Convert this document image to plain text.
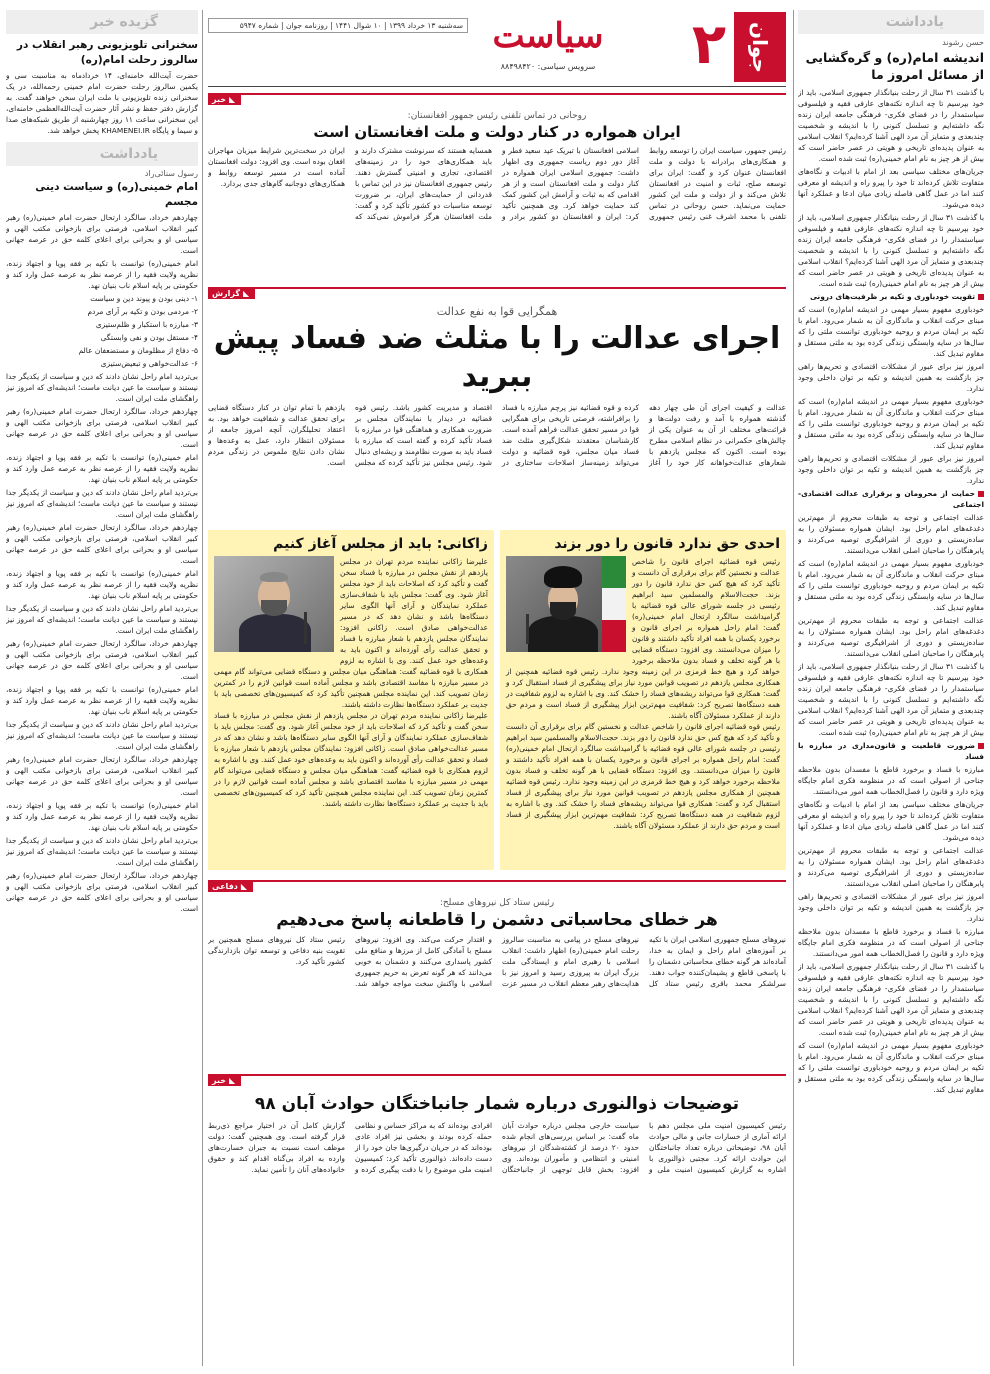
یادداشت
حسن رشوند
اندیشه امام(ره) و گره‌گشایی از مسائل امروز ما

با گذشت ۳۱ سال از رحلت بنیانگذار جمهوری اسلامی، باید از خود بپرسیم تا چه اندازه نکته‌های عارفی فقیه و فیلسوفی سیاستمدار را در فضای فکری- فرهنگی جامعه ایران زنده نگه داشته‌ایم و تسلسل کنونی را با اندیشه و شخصیت چندبعدی و متمایز آن مرد الهی آشنا کرده‌ایم؟ انقلاب اسلامی به عنوان پدیده‌ای تاریخی و هویتی در عصر حاضر است که بیش از هر چیز به نام امام خمینی(ره) ثبت شده است.

جریان‌های مختلف سیاسی بعد از امام با ادبیات و نگاه‌های متفاوت تلاش کرده‌اند تا خود را پیرو راه و اندیشه او معرفی کنند اما در عمل گاهی فاصله زیادی میان ادعا و عملکرد آنها دیده می‌شود.

با گذشت ۳۱ سال از رحلت بنیانگذار جمهوری اسلامی، باید از خود بپرسیم تا چه اندازه نکته‌های عارفی فقیه و فیلسوفی سیاستمدار را در فضای فکری- فرهنگی جامعه ایران زنده نگه داشته‌ایم و تسلسل کنونی را با اندیشه و شخصیت چندبعدی و متمایز آن مرد الهی آشنا کرده‌ایم؟ انقلاب اسلامی به عنوان پدیده‌ای تاریخی و هویتی در عصر حاضر است که بیش از هر چیز به نام امام خمینی(ره) ثبت شده است.

تقویت خودباوری و تکیه بر ظرفیت‌های درونی

خودباوری مفهوم بسیار مهمی در اندیشه امام(ره) است که مبنای حرکت انقلاب و ماندگاری آن به شمار می‌رود. امام با تکیه بر ایمان مردم و روحیه خودباوری توانست ملتی را که سال‌ها در سایه وابستگی زندگی کرده بود به ملتی مستقل و مقاوم تبدیل کند.

امروز نیز برای عبور از مشکلات اقتصادی و تحریم‌ها راهی جز بازگشت به همین اندیشه و تکیه بر توان داخلی وجود ندارد.

خودباوری مفهوم بسیار مهمی در اندیشه امام(ره) است که مبنای حرکت انقلاب و ماندگاری آن به شمار می‌رود. امام با تکیه بر ایمان مردم و روحیه خودباوری توانست ملتی را که سال‌ها در سایه وابستگی زندگی کرده بود به ملتی مستقل و مقاوم تبدیل کند.

امروز نیز برای عبور از مشکلات اقتصادی و تحریم‌ها راهی جز بازگشت به همین اندیشه و تکیه بر توان داخلی وجود ندارد.

حمایت از محرومان و برقراری عدالت اقتصادی- اجتماعی

عدالت اجتماعی و توجه به طبقات محروم از مهم‌ترین دغدغه‌های امام راحل بود. ایشان همواره مسئولان را به ساده‌زیستی و دوری از اشرافیگری توصیه می‌کردند و پابرهنگان را صاحبان اصلی انقلاب می‌دانستند.

خودباوری مفهوم بسیار مهمی در اندیشه امام(ره) است که مبنای حرکت انقلاب و ماندگاری آن به شمار می‌رود. امام با تکیه بر ایمان مردم و روحیه خودباوری توانست ملتی را که سال‌ها در سایه وابستگی زندگی کرده بود به ملتی مستقل و مقاوم تبدیل کند.

عدالت اجتماعی و توجه به طبقات محروم از مهم‌ترین دغدغه‌های امام راحل بود. ایشان همواره مسئولان را به ساده‌زیستی و دوری از اشرافیگری توصیه می‌کردند و پابرهنگان را صاحبان اصلی انقلاب می‌دانستند.

با گذشت ۳۱ سال از رحلت بنیانگذار جمهوری اسلامی، باید از خود بپرسیم تا چه اندازه نکته‌های عارفی فقیه و فیلسوفی سیاستمدار را در فضای فکری- فرهنگی جامعه ایران زنده نگه داشته‌ایم و تسلسل کنونی را با اندیشه و شخصیت چندبعدی و متمایز آن مرد الهی آشنا کرده‌ایم؟ انقلاب اسلامی به عنوان پدیده‌ای تاریخی و هویتی در عصر حاضر است که بیش از هر چیز به نام امام خمینی(ره) ثبت شده است.

ضرورت قاطعیت و قانون‌مداری در مبارزه با فساد

مبارزه با فساد و برخورد قاطع با مفسدان بدون ملاحظه جناحی از اصولی است که در منظومه فکری امام جایگاه ویژه دارد و قانون را فصل‌الخطاب همه امور می‌دانستند.

جریان‌های مختلف سیاسی بعد از امام با ادبیات و نگاه‌های متفاوت تلاش کرده‌اند تا خود را پیرو راه و اندیشه او معرفی کنند اما در عمل گاهی فاصله زیادی میان ادعا و عملکرد آنها دیده می‌شود.

عدالت اجتماعی و توجه به طبقات محروم از مهم‌ترین دغدغه‌های امام راحل بود. ایشان همواره مسئولان را به ساده‌زیستی و دوری از اشرافیگری توصیه می‌کردند و پابرهنگان را صاحبان اصلی انقلاب می‌دانستند.

امروز نیز برای عبور از مشکلات اقتصادی و تحریم‌ها راهی جز بازگشت به همین اندیشه و تکیه بر توان داخلی وجود ندارد.

مبارزه با فساد و برخورد قاطع با مفسدان بدون ملاحظه جناحی از اصولی است که در منظومه فکری امام جایگاه ویژه دارد و قانون را فصل‌الخطاب همه امور می‌دانستند.

با گذشت ۳۱ سال از رحلت بنیانگذار جمهوری اسلامی، باید از خود بپرسیم تا چه اندازه نکته‌های عارفی فقیه و فیلسوفی سیاستمدار را در فضای فکری- فرهنگی جامعه ایران زنده نگه داشته‌ایم و تسلسل کنونی را با اندیشه و شخصیت چندبعدی و متمایز آن مرد الهی آشنا کرده‌ایم؟ انقلاب اسلامی به عنوان پدیده‌ای تاریخی و هویتی در عصر حاضر است که بیش از هر چیز به نام امام خمینی(ره) ثبت شده است.

خودباوری مفهوم بسیار مهمی در اندیشه امام(ره) است که مبنای حرکت انقلاب و ماندگاری آن به شمار می‌رود. امام با تکیه بر ایمان مردم و روحیه خودباوری توانست ملتی را که سال‌ها در سایه وابستگی زندگی کرده بود به ملتی مستقل و مقاوم تبدیل کند.

گزیده خبر
سخنرانی تلویزیونی رهبر انقلاب در سالروز رحلت امام(ره)
حضرت آیت‌الله خامنه‌ای، ۱۴ خردادماه به مناسبت سی و یکمین سالروز رحلت حضرت امام خمینی رحمه‌الله، در یک سخنرانی زنده تلویزیونی با ملت ایران سخن خواهند گفت. به گزارش دفتر حفظ و نشر آثار حضرت آیت‌الله‌العظمی خامنه‌ای، این سخنرانی ساعت ۱۱ روز چهارشنبه از طریق شبکه‌های صدا و سیما و پایگاه KHAMENEI.IR پخش خواهد شد.
یادداشت
رسول سنائی‌راد
امام خمینی(ره) و سیاست دینی مجسم

چهاردهم خرداد، سالگرد ارتحال حضرت امام خمینی(ره) رهبر کبیر انقلاب اسلامی، فرصتی برای بازخوانی مکتب الهی و سیاسی او و بحرانی برای اعلای کلمه حق در عرصه جهانی است.

امام خمینی(ره) توانست با تکیه بر فقه پویا و اجتهاد زنده، نظریه ولایت فقیه را از عرصه نظر به عرصه عمل وارد کند و حکومتی بر پایه اسلام ناب بنیان نهد.

۱- دینی بودن و پیوند دین و سیاست

۲- مردمی بودن و تکیه بر آرای مردم

۳- مبارزه با استکبار و ظلم‌ستیزی

۴- مستقل بودن و نفی وابستگی

۵- دفاع از مظلومان و مستضعفان عالم

۶- عدالت‌خواهی و تبعیض‌ستیزی

بی‌تردید امام راحل نشان دادند که دین و سیاست از یکدیگر جدا نیستند و سیاست ما عین دیانت ماست؛ اندیشه‌ای که امروز نیز راهگشای ملت ایران است.

چهاردهم خرداد، سالگرد ارتحال حضرت امام خمینی(ره) رهبر کبیر انقلاب اسلامی، فرصتی برای بازخوانی مکتب الهی و سیاسی او و بحرانی برای اعلای کلمه حق در عرصه جهانی است.

امام خمینی(ره) توانست با تکیه بر فقه پویا و اجتهاد زنده، نظریه ولایت فقیه را از عرصه نظر به عرصه عمل وارد کند و حکومتی بر پایه اسلام ناب بنیان نهد.

بی‌تردید امام راحل نشان دادند که دین و سیاست از یکدیگر جدا نیستند و سیاست ما عین دیانت ماست؛ اندیشه‌ای که امروز نیز راهگشای ملت ایران است.

چهاردهم خرداد، سالگرد ارتحال حضرت امام خمینی(ره) رهبر کبیر انقلاب اسلامی، فرصتی برای بازخوانی مکتب الهی و سیاسی او و بحرانی برای اعلای کلمه حق در عرصه جهانی است.

امام خمینی(ره) توانست با تکیه بر فقه پویا و اجتهاد زنده، نظریه ولایت فقیه را از عرصه نظر به عرصه عمل وارد کند و حکومتی بر پایه اسلام ناب بنیان نهد.

بی‌تردید امام راحل نشان دادند که دین و سیاست از یکدیگر جدا نیستند و سیاست ما عین دیانت ماست؛ اندیشه‌ای که امروز نیز راهگشای ملت ایران است.

چهاردهم خرداد، سالگرد ارتحال حضرت امام خمینی(ره) رهبر کبیر انقلاب اسلامی، فرصتی برای بازخوانی مکتب الهی و سیاسی او و بحرانی برای اعلای کلمه حق در عرصه جهانی است.

امام خمینی(ره) توانست با تکیه بر فقه پویا و اجتهاد زنده، نظریه ولایت فقیه را از عرصه نظر به عرصه عمل وارد کند و حکومتی بر پایه اسلام ناب بنیان نهد.

بی‌تردید امام راحل نشان دادند که دین و سیاست از یکدیگر جدا نیستند و سیاست ما عین دیانت ماست؛ اندیشه‌ای که امروز نیز راهگشای ملت ایران است.

چهاردهم خرداد، سالگرد ارتحال حضرت امام خمینی(ره) رهبر کبیر انقلاب اسلامی، فرصتی برای بازخوانی مکتب الهی و سیاسی او و بحرانی برای اعلای کلمه حق در عرصه جهانی است.

امام خمینی(ره) توانست با تکیه بر فقه پویا و اجتهاد زنده، نظریه ولایت فقیه را از عرصه نظر به عرصه عمل وارد کند و حکومتی بر پایه اسلام ناب بنیان نهد.

بی‌تردید امام راحل نشان دادند که دین و سیاست از یکدیگر جدا نیستند و سیاست ما عین دیانت ماست؛ اندیشه‌ای که امروز نیز راهگشای ملت ایران است.

چهاردهم خرداد، سالگرد ارتحال حضرت امام خمینی(ره) رهبر کبیر انقلاب اسلامی، فرصتی برای بازخوانی مکتب الهی و سیاسی او و بحرانی برای اعلای کلمه حق در عرصه جهانی است.

جوان
۲
سه‌شنبه ۱۳ خرداد ۱۳۹۹ | ۱۰ شوال ۱۴۴۱ | روزنامه جوان | شماره ۵۹۴۷ سیاست
سرویس سیاسی: ۸۸۴۹۸۴۲۰
◣
خبر
روحانی در تماس تلفنی رئیس جمهور افغانستان:
ایران همواره در کنار دولت و ملت افغانستان است
رئیس جمهور، سیاست ایران را توسعه روابط و همکاری‌های برادرانه با دولت و ملت افغانستان عنوان کرد و گفت: ایران برای توسعه صلح، ثبات و امنیت در افغانستان تلاش می‌کند و از دولت و ملت این کشور حمایت می‌نماید. حسن روحانی در تماس تلفنی با محمد اشرف غنی رئیس جمهوری اسلامی افغانستان با تبریک عید سعید فطر و آغاز دور دوم ریاست جمهوری وی اظهار داشت: جمهوری اسلامی ایران همواره در کنار دولت و ملت افغانستان است و از هر اقدامی که به ثبات و آرامش این کشور کمک کند حمایت خواهد کرد. وی همچنین تأکید کرد: ایران و افغانستان دو کشور برادر و همسایه هستند که سرنوشت مشترک دارند و باید همکاری‌های خود را در زمینه‌های اقتصادی، تجاری و امنیتی گسترش دهند. رئیس جمهوری افغانستان نیز در این تماس با قدردانی از حمایت‌های ایران، بر ضرورت توسعه مناسبات دو کشور تأکید کرد و گفت: ملت افغانستان هرگز فراموش نمی‌کند که ایران در سخت‌ترین شرایط میزبان مهاجران افغان بوده است. وی افزود: دولت افغانستان آماده است در مسیر توسعه روابط و همکاری‌های دوجانبه گام‌های جدی بردارد.
◣
گزارش
همگرایی قوا به نفع عدالت
اجرای عدالت را با مثلث ضد فساد پیش ببرید
عدالت و کیفیت اجرای آن طی چهار دهه گذشته همواره با آمد و رفت دولت‌ها و قرائت‌های مختلف از آن به عنوان یکی از چالش‌های حکمرانی در نظام اسلامی مطرح بوده است. اکنون که مجلس یازدهم با شعارهای عدالت‌خواهانه کار خود را آغاز کرده و قوه قضائیه نیز پرچم مبارزه با فساد را برافراشته، فرصتی تاریخی برای همگرایی قوا در مسیر تحقق عدالت فراهم آمده است. کارشناسان معتقدند شکل‌گیری مثلث ضد فساد میان مجلس، قوه قضائیه و دولت می‌تواند زمینه‌ساز اصلاحات ساختاری در اقتصاد و مدیریت کشور باشد. رئیس قوه قضائیه در دیدار با نمایندگان مجلس بر ضرورت همکاری و هماهنگی قوا در مبارزه با فساد تأکید کرده و گفته است که مبارزه با فساد باید به صورت نظام‌مند و ریشه‌ای دنبال شود. رئیس مجلس نیز تأکید کرده که مجلس یازدهم با تمام توان در کنار دستگاه قضایی برای تحقق عدالت و شفافیت خواهد بود. به اعتقاد تحلیلگران، آنچه امروز جامعه از مسئولان انتظار دارد، عمل به وعده‌ها و نشان دادن نتایج ملموس در زندگی مردم است.
احدی حق ندارد قانون را دور بزند
رئیس قوه قضائیه اجرای قانون را شاخص عدالت و نخستین گام برای برقراری آن دانست و تأکید کرد که هیچ کس حق ندارد قانون را دور بزند. حجت‌الاسلام والمسلمین سید ابراهیم رئیسی در جلسه شورای عالی قوه قضائیه با گرامیداشت سالگرد ارتحال امام خمینی(ره) گفت: امام راحل همواره بر اجرای قانون و برخورد یکسان با همه افراد تأکید داشتند و قانون را میزان می‌دانستند. وی افزود: دستگاه قضایی با هر گونه تخلف و فساد بدون ملاحظه برخورد خواهد کرد و هیچ خط قرمزی در این زمینه وجود ندارد. رئیس قوه قضائیه همچنین از همکاری مجلس یازدهم در تصویب قوانین مورد نیاز برای پیشگیری از فساد استقبال کرد و گفت: همکاری قوا می‌تواند ریشه‌های فساد را خشک کند. وی با اشاره به لزوم شفافیت در همه دستگاه‌ها تصریح کرد: شفافیت مهم‌ترین ابزار پیشگیری از فساد است و مردم حق دارند از عملکرد مسئولان آگاه باشند.
رئیس قوه قضائیه اجرای قانون را شاخص عدالت و نخستین گام برای برقراری آن دانست و تأکید کرد که هیچ کس حق ندارد قانون را دور بزند. حجت‌الاسلام والمسلمین سید ابراهیم رئیسی در جلسه شورای عالی قوه قضائیه با گرامیداشت سالگرد ارتحال امام خمینی(ره) گفت: امام راحل همواره بر اجرای قانون و برخورد یکسان با همه افراد تأکید داشتند و قانون را میزان می‌دانستند. وی افزود: دستگاه قضایی با هر گونه تخلف و فساد بدون ملاحظه برخورد خواهد کرد و هیچ خط قرمزی در این زمینه وجود ندارد. رئیس قوه قضائیه همچنین از همکاری مجلس یازدهم در تصویب قوانین مورد نیاز برای پیشگیری از فساد استقبال کرد و گفت: همکاری قوا می‌تواند ریشه‌های فساد را خشک کند. وی با اشاره به لزوم شفافیت در همه دستگاه‌ها تصریح کرد: شفافیت مهم‌ترین ابزار پیشگیری از فساد است و مردم حق دارند از عملکرد مسئولان آگاه باشند.
زاکانی: باید از مجلس آغاز کنیم
علیرضا زاکانی نماینده مردم تهران در مجلس یازدهم از نقش مجلس در مبارزه با فساد سخن گفت و تأکید کرد که اصلاحات باید از خود مجلس آغاز شود. وی گفت: مجلس باید با شفاف‌سازی عملکرد نمایندگان و آرای آنها الگوی سایر دستگاه‌ها باشد و نشان دهد که در مسیر عدالت‌خواهی صادق است. زاکانی افزود: نمایندگان مجلس یازدهم با شعار مبارزه با فساد و تحقق عدالت رأی آورده‌اند و اکنون باید به وعده‌های خود عمل کنند. وی با اشاره به لزوم همکاری با قوه قضائیه گفت: هماهنگی میان مجلس و دستگاه قضایی می‌تواند گام مهمی در مسیر مبارزه با مفاسد اقتصادی باشد و مجلس آماده است قوانین لازم را در کمترین زمان تصویب کند. این نماینده مجلس همچنین تأکید کرد که کمیسیون‌های تخصصی باید با جدیت بر عملکرد دستگاه‌ها نظارت داشته باشند.
علیرضا زاکانی نماینده مردم تهران در مجلس یازدهم از نقش مجلس در مبارزه با فساد سخن گفت و تأکید کرد که اصلاحات باید از خود مجلس آغاز شود. وی گفت: مجلس باید با شفاف‌سازی عملکرد نمایندگان و آرای آنها الگوی سایر دستگاه‌ها باشد و نشان دهد که در مسیر عدالت‌خواهی صادق است. زاکانی افزود: نمایندگان مجلس یازدهم با شعار مبارزه با فساد و تحقق عدالت رأی آورده‌اند و اکنون باید به وعده‌های خود عمل کنند. وی با اشاره به لزوم همکاری با قوه قضائیه گفت: هماهنگی میان مجلس و دستگاه قضایی می‌تواند گام مهمی در مسیر مبارزه با مفاسد اقتصادی باشد و مجلس آماده است قوانین لازم را در کمترین زمان تصویب کند. این نماینده مجلس همچنین تأکید کرد که کمیسیون‌های تخصصی باید با جدیت بر عملکرد دستگاه‌ها نظارت داشته باشند.
◣
دفاعی
رئیس ستاد کل نیروهای مسلح:
هر خطای محاسباتی دشمن را قاطعانه پاسخ می‌دهیم
نیروهای مسلح جمهوری اسلامی ایران با تکیه بر آموزه‌های امام راحل و ایمان به خدا، آماده‌اند هر گونه خطای محاسباتی دشمنان را با پاسخی قاطع و پشیمان‌کننده جواب دهند. سرلشکر محمد باقری رئیس ستاد کل نیروهای مسلح در پیامی به مناسبت سالروز رحلت امام خمینی(ره) اظهار داشت: انقلاب اسلامی با رهبری امام و ایستادگی ملت بزرگ ایران به پیروزی رسید و امروز نیز با هدایت‌های رهبر معظم انقلاب در مسیر عزت و اقتدار حرکت می‌کند. وی افزود: نیروهای مسلح با آمادگی کامل از مرزها و منافع ملی کشور پاسداری می‌کنند و دشمنان به خوبی می‌دانند که هر گونه تعرض به حریم جمهوری اسلامی با واکنش سخت مواجه خواهد شد. رئیس ستاد کل نیروهای مسلح همچنین بر تقویت بنیه دفاعی و توسعه توان بازدارندگی کشور تأکید کرد.
◣
خبر
توضیحات ذوالنوری درباره شمار جانباختگان حوادث آبان ۹۸
رئیس کمیسیون امنیت ملی مجلس دهم با ارائه آماری از خسارات جانی و مالی حوادث آبان ۹۸، توضیحاتی درباره تعداد جانباختگان این حوادث ارائه کرد. مجتبی ذوالنوری با اشاره به گزارش کمیسیون امنیت ملی و سیاست خارجی مجلس درباره حوادث آبان ماه گفت: بر اساس بررسی‌های انجام شده حدود ۲۰ درصد از کشته‌شدگان از نیروهای امنیتی و انتظامی و مأموران بوده‌اند. وی افزود: بخش قابل توجهی از جانباختگان افرادی بوده‌اند که به مراکز حساس و نظامی حمله کرده بودند و بخشی نیز افراد عادی بوده‌اند که در جریان درگیری‌ها جان خود را از دست داده‌اند. ذوالنوری تأکید کرد: کمیسیون امنیت ملی موضوع را با دقت پیگیری کرده و گزارش کامل آن در اختیار مراجع ذی‌ربط قرار گرفته است. وی همچنین گفت: دولت موظف است نسبت به جبران خسارت‌های وارده به افراد بی‌گناه اقدام کند و حقوق خانواده‌های آنان را تأمین نماید.
